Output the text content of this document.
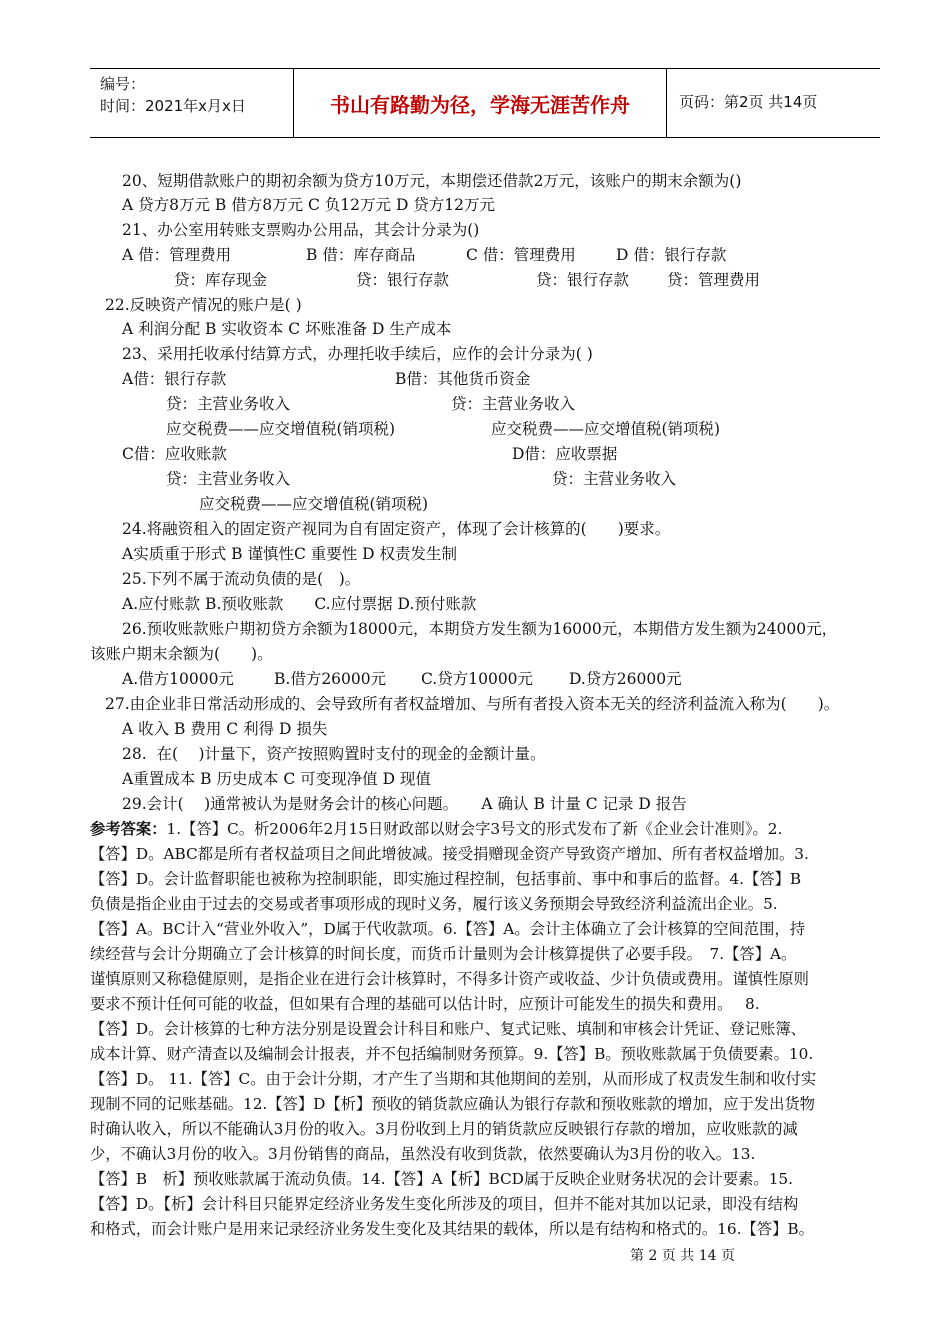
编号：
时间：2021年x月x日	书山有路勤为径，学海无涯苦作舟	页码：第2页 共14页
20、短期借款账户的期初余额为贷方10万元，本期偿还借款2万元，该账户的期末余额为()
A 贷方8万元 B 借方8万元 C 负12万元 D 贷方12万元
21、办公室用转账支票购办公用品，其会计分录为()
A 借：管理费用	B 借：库存商品	C 借：管理费用	D 借：银行存款
贷：库存现金	贷：银行存款	贷：银行存款 贷：管理费用
22.反映资产情况的账户是( )
A 利润分配 B 实收资本 C 坏账准备 D 生产成本
23、采用托收承付结算方式，办理托收手续后，应作的会计分录为( )
A借：银行存款	B借：其他货币资金
贷：主营业务收入	贷：主营业务收入
应交税费——应交增值税(销项税)	应交税费——应交增值税(销项税)
C借：应收账款	D借：应收票据
贷：主营业务收入	贷：主营业务收入
应交税费——应交增值税(销项税)
24.将融资租入的固定资产视同为自有固定资产，体现了会计核算的(　　)要求。
A实质重于形式 B 谨慎性C 重要性 D 权责发生制
25.下列不属于流动负债的是(　)。
A.应付账款 B.预收账款　　C.应付票据 D.预付账款
26.预收账款账户期初贷方余额为18000元，本期贷方发生额为16000元，本期借方发生额为24000元，
该账户期末余额为(　　)。
A.借方10000元	B.借方26000元 C.贷方10000元 D.贷方26000元
27.由企业非日常活动形成的、会导致所有者权益增加、与所有者投入资本无关的经济利益流入称为(　　)。
A 收入 B 费用 C 利得 D 损失
28.  在(　 )计量下，资产按照购置时支付的现金的金额计量。
A重置成本 B 历史成本 C 可变现净值 D 现值
29.会计(　 )通常被认为是财务会计的核心问题。　　A 确认 B 计量 C 记录 D 报告
参考答案：1.【答】C。析2006年2月15日财政部以财会字3号文的形式发布了新《企业会计准则》。2.
【答】D。ABC都是所有者权益项目之间此增彼减。接受捐赠现金资产导致资产增加、所有者权益增加。3.
【答】D。会计监督职能也被称为控制职能，即实施过程控制，包括事前、事中和事后的监督。4.【答】B
负债是指企业由于过去的交易或者事项形成的现时义务，履行该义务预期会导致经济利益流出企业。5.
【答】A。BC计入“营业外收入”，D属于代收款项。6.【答】A。会计主体确立了会计核算的空间范围，持
续经营与会计分期确立了会计核算的时间长度，而货币计量则为会计核算提供了必要手段。　7.【答】A。
谨慎原则又称稳健原则，是指企业在进行会计核算时，不得多计资产或收益、少计负债或费用。谨慎性原则
要求不预计任何可能的收益，但如果有合理的基础可以估计时，应预计可能发生的损失和费用。　 8.
【答】D。会计核算的七种方法分别是设置会计科目和账户、复式记账、填制和审核会计凭证、登记账簿、
成本计算、财产清查以及编制会计报表，并不包括编制财务预算。9.【答】B。预收账款属于负债要素。10.
【答】D。 11.【答】C。由于会计分期，才产生了当期和其他期间的差别，从而形成了权责发生制和收付实
现制不同的记账基础。12.【答】D【析】预收的销货款应确认为银行存款和预收账款的增加，应于发出货物
时确认收入，所以不能确认3月份的收入。3月份收到上月的销货款应反映银行存款的增加，应收账款的减
少，不确认3月份的收入。3月份销售的商品，虽然没有收到货款，依然要确认为3月份的收入。13.
【答】B　析】预收账款属于流动负债。14.【答】A【析】BCD属于反映企业财务状况的会计要素。15.
【答】D。【析】会计科目只能界定经济业务发生变化所涉及的项目，但并不能对其加以记录，即没有结构
和格式，而会计账户是用来记录经济业务发生变化及其结果的载体，所以是有结构和格式的。16.【答】B。
第 2 页 共 14 页
